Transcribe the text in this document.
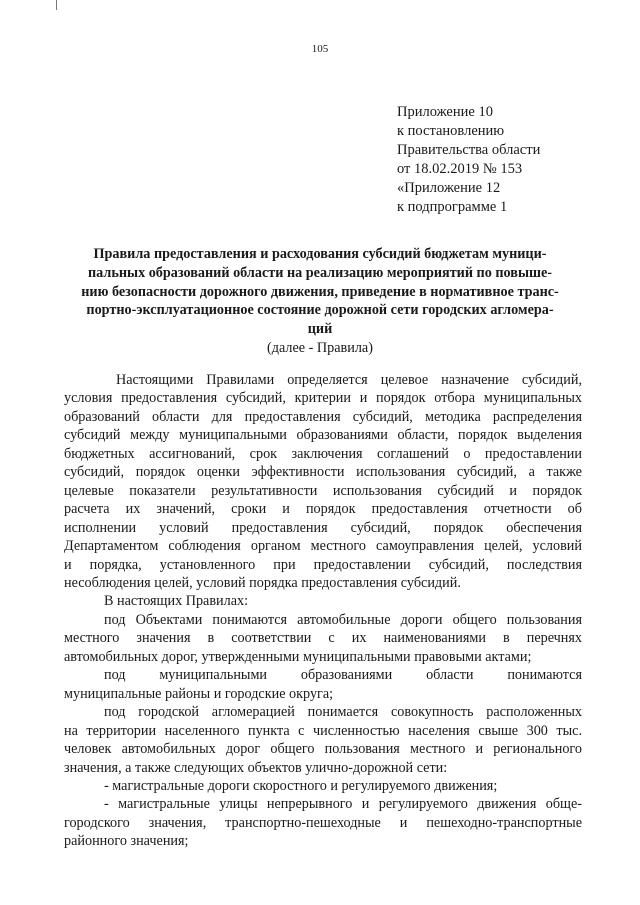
105
Приложение 10
к постановлению
Правительства области
от 18.02.2019 № 153
«Приложение 12
к подпрограмме 1
Правила предоставления и расходования субсидий бюджетам муници-
пальных образований области на реализацию мероприятий по повыше-
нию безопасности дорожного движения, приведение в нормативное транс-
портно-эксплуатационное состояние дорожной сети городских агломера-
ций
(далее - Правила)
Настоящими Правилами определяется целевое назначение субсидий,
условия предоставления субсидий, критерии и порядок отбора муниципальных
образований области для предоставления субсидий, методика распределения
субсидий между муниципальными образованиями области, порядок выделения
бюджетных ассигнований, срок заключения соглашений о предоставлении
субсидий, порядок оценки эффективности использования субсидий, а также
целевые показатели результативности использования субсидий и порядок
расчета их значений, сроки и порядок предоставления отчетности об
исполнении условий предоставления субсидий, порядок обеспечения
Департаментом соблюдения органом местного самоуправления целей, условий
и порядка, установленного при предоставлении субсидий, последствия
несоблюдения целей, условий порядка предоставления субсидий.
В настоящих Правилах:
под Объектами понимаются автомобильные дороги общего пользования
местного значения в соответствии с их наименованиями в перечнях
автомобильных дорог, утвержденными муниципальными правовыми актами;
под муниципальными образованиями области понимаются
муниципальные районы и городские округа;
под городской агломерацией понимается совокупность расположенных
на территории населенного пункта с численностью населения свыше 300 тыс.
человек автомобильных дорог общего пользования местного и регионального
значения, а также следующих объектов улично-дорожной сети:
- магистральные дороги скоростного и регулируемого движения;
- магистральные улицы непрерывного и регулируемого движения обще-
городского значения, транспортно-пешеходные и пешеходно-транспортные
районного значения;
